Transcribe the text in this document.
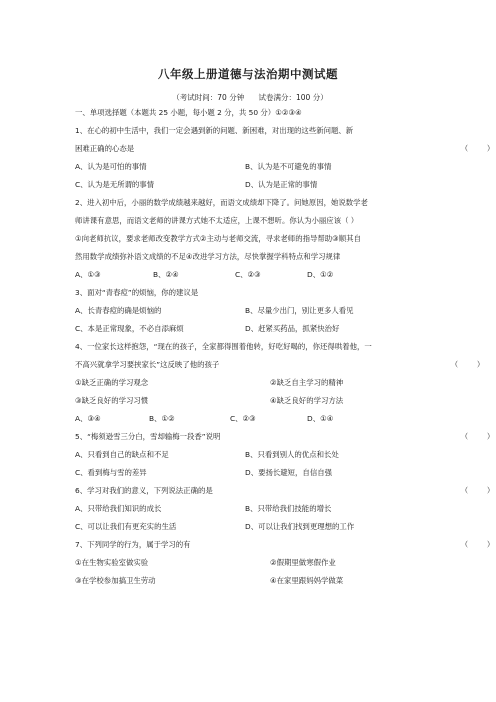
八年级上册道德与法治期中测试题
（考试时间：70 分钟      试卷满分：100 分）
一、单项选择题（本题共 25 小题，每小题 2 分，共 50 分）①②③④
1、在心的初中生活中，我们一定会遇到新的问题、新困难，对出现的这些新问题、新
困难正确的心态是	（        ）
A、认为是可怕的事情	B、认为是不可避免的事情
C、认为是无所谓的事情	D、认为是正常的事情
2、进入初中后，小丽的数学成绩越来越好，而语文成绩却下降了。问她原因，她说数学老
师讲课有意思，而语文老师的讲课方式她不太适应，上课不想听。你认为小丽应该（ ）
①向老师抗议，要求老师改变教学方式②主动与老师交流，寻求老师的指导帮助③顺其自
然用数学成绩弥补语文成绩的不足④改进学习方法，尽快掌握学科特点和学习规律
A、①③	B、②④	C、②③	D、①②
3、面对“青春痘”的烦恼，你的建议是
A、长青春痘的确是烦恼的	B、尽量少出门，别让更多人看见
C、本是正常现象，不必自添麻烦	D、赶紧买药品，抓紧快治好
4、一位家长这样抱怨，“现在的孩子，全家都得围着他转，好吃好喝的，你还得哄着他，一
不高兴就拿学习要挟家长”这反映了他的孩子	（        ）
①缺乏正确的学习观念	②缺乏自主学习的精神
③缺乏良好的学习习惯	④缺乏良好的学习方法
A、③④	B、①②	C、②③	D、①④
5、“梅须逊雪三分白，雪却输梅一段香”说明	（        ）
A、只看到自己的缺点和不足	B、只看到别人的优点和长处
C、看到梅与雪的差异	D、要扬长避短，自信自强
6、学习对我们的意义，下列说法正确的是	（        ）
A、只带给我们知识的成长	B、只带给我们技能的增长
C、可以让我们有更充实的生活	D、可以让我们找到更理想的工作
7、下列同学的行为，属于学习的有	（        ）
①在生物实验室做实验	②假期里做寒假作业
③在学校参加搞卫生劳动	④在家里跟妈妈学做菜
